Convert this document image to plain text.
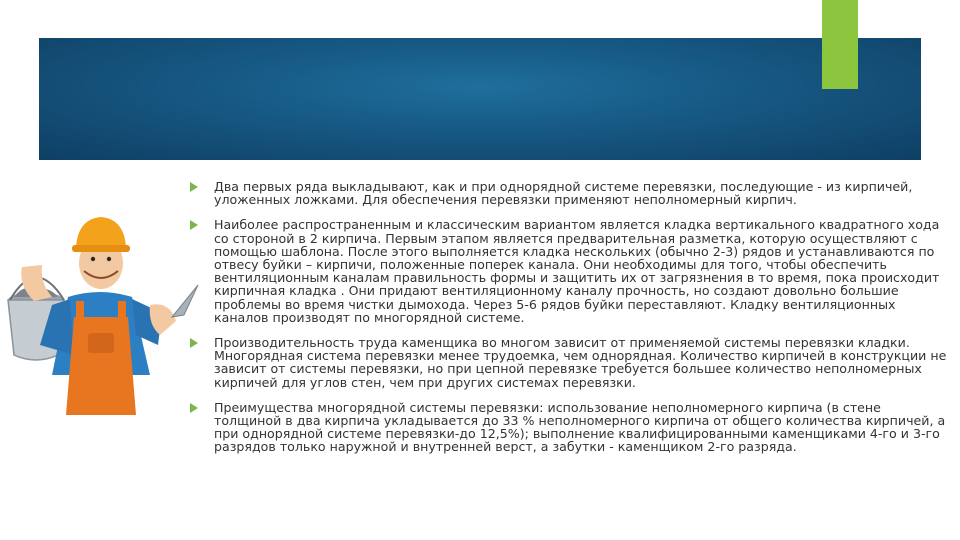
Два первых ряда выкладывают, как и при однорядной системе перевязки, последующие - из кирпичей, уложенных ложками. Для обеспечения перевязки применяют неполномерный кирпич.
Наиболее распространенным и классическим вариантом является кладка вертикального квадратного хода со стороной в 2 кирпича. Первым этапом является предварительная разметка, которую осуществляют с помощью шаблона. После этого выполняется кладка нескольких (обычно 2-3) рядов и устанавливаются по отвесу буйки – кирпичи, положенные поперек канала. Они необходимы для того, чтобы обеспечить вентиляционным каналам правильность формы и защитить их от загрязнения в то время, пока происходит кирпичная кладка . Они придают вентиляционному каналу прочность, но создают довольно большие проблемы во время чистки дымохода. Через 5-6 рядов буйки переставляют. Кладку вентиляционных каналов производят по многорядной системе.
Производительность труда каменщика во многом зависит от применяемой системы перевязки кладки. Многорядная система перевязки менее трудоемка, чем однорядная. Количество кирпичей в конструкции не зависит от системы перевязки, но при цепной перевязке требуется большее количество неполномерных кирпичей для углов стен, чем при других системах перевязки.
Преимущества многорядной системы перевязки: использование неполномерного кирпича (в стене толщиной в два кирпича укладывается до 33 % неполномерного кирпича от общего количества кирпичей, а при однорядной системе перевязки-до 12,5%); выполнение квалифицированными каменщиками 4-го и 3-го разрядов только наружной и внутренней верст, а забутки - каменщиком 2-го разряда.
